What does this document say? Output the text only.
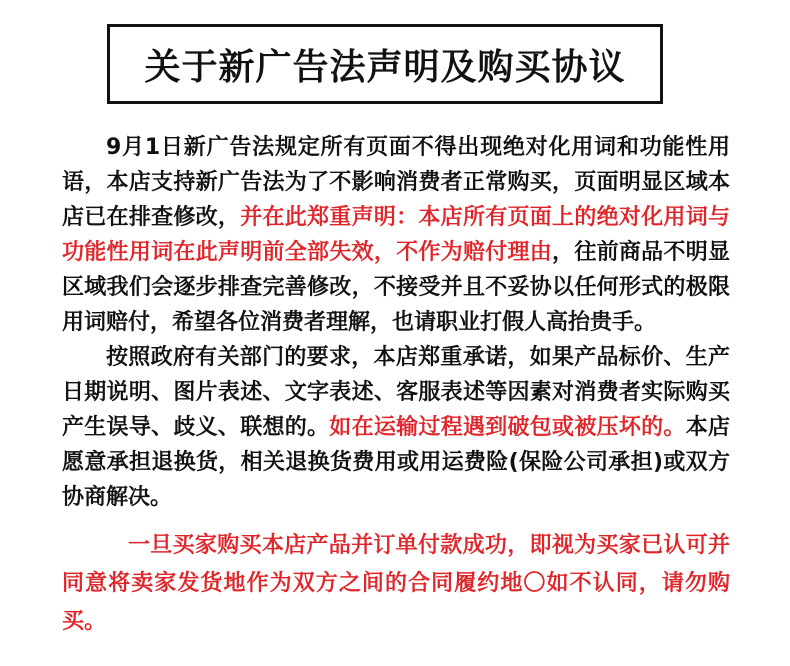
关于新广告法声明及购买协议

9月1日新广告法规定所有页面不得出现绝对化用词和功能性用语，本店支持新广告法为了不影响消费者正常购买，页面明显区域本店已在排查修改，并在此郑重声明：本店所有页面上的绝对化用词与功能性用词在此声明前全部失效，不作为赔付理由，往前商品不明显区域我们会逐步排查完善修改，不接受并且不妥协以任何形式的极限用词赔付，希望各位消费者理解，也请职业打假人高抬贵手。

按照政府有关部门的要求，本店郑重承诺，如果产品标价、生产日期说明、图片表述、文字表述、客服表述等因素对消费者实际购买产生误导、歧义、联想的。如在运输过程遇到破包或被压坏的。本店愿意承担退换货，相关退换货费用或用运费险(保险公司承担)或双方协商解决。

一旦买家购买本店产品并订单付款成功，即视为买家已认可并同意将卖家发货地作为双方之间的合同履约地〇如不认同，请勿购买。
